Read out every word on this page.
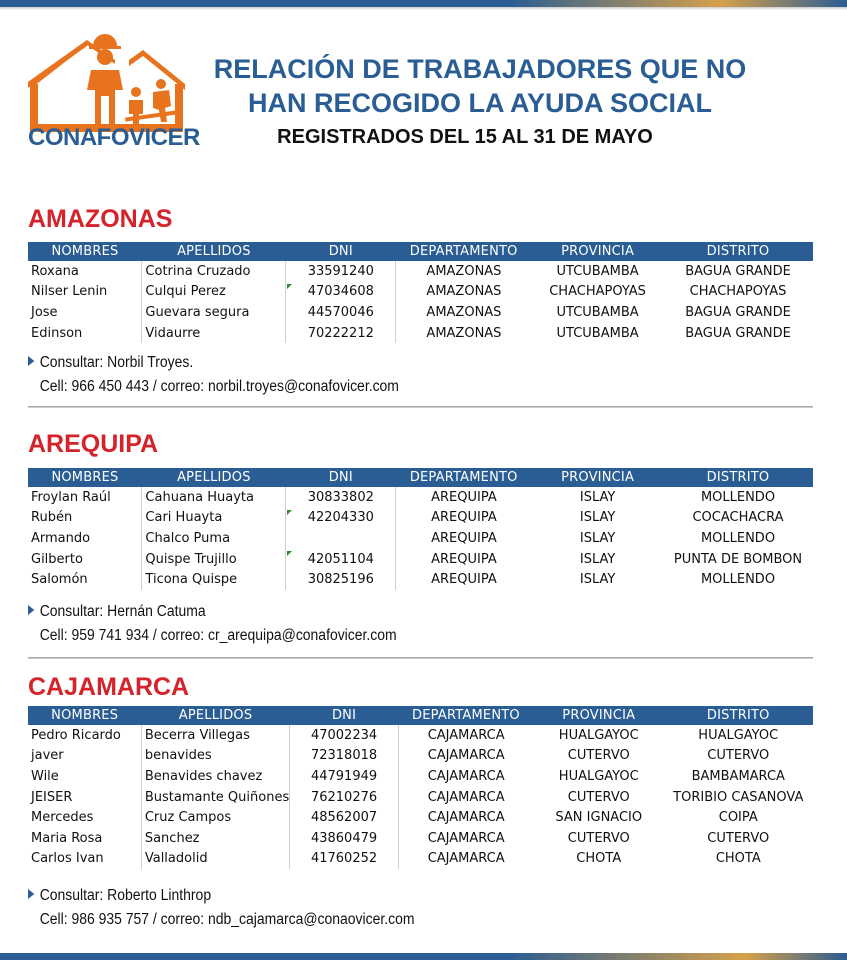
CONAFOVICER
RELACIÓN DE TRABAJADORES QUE NO HAN RECOGIDO LA AYUDA SOCIAL
REGISTRADOS DEL 15 AL 31 DE MAYO
AMAZONAS
NOMBRES	APELLIDOS	DNI	DEPARTAMENTO	PROVINCIA	DISTRITO
Roxana	Cotrina Cruzado	33591240	AMAZONAS	UTCUBAMBA	BAGUA GRANDE
Nilser Lenin	Culqui Perez	47034608	AMAZONAS	CHACHAPOYAS	CHACHAPOYAS
Jose	Guevara segura	44570046	AMAZONAS	UTCUBAMBA	BAGUA GRANDE
Edinson	Vidaurre	70222212	AMAZONAS	UTCUBAMBA	BAGUA GRANDE
Consultar: Norbil Troyes.
Cell: 966 450 443 / correo: norbil.troyes@conafovicer.com
AREQUIPA
NOMBRES	APELLIDOS	DNI	DEPARTAMENTO	PROVINCIA	DISTRITO
Froylan Raúl	Cahuana Huayta	30833802	AREQUIPA	ISLAY	MOLLENDO
Rubén	Cari Huayta	42204330	AREQUIPA	ISLAY	COCACHACRA
Armando	Chalco Puma		AREQUIPA	ISLAY	MOLLENDO
Gilberto	Quispe Trujillo	42051104	AREQUIPA	ISLAY	PUNTA DE BOMBON
Salomón	Ticona Quispe	30825196	AREQUIPA	ISLAY	MOLLENDO
Consultar: Hernán Catuma
Cell: 959 741 934 / correo: cr_arequipa@conafovicer.com
CAJAMARCA
NOMBRES	APELLIDOS	DNI	DEPARTAMENTO	PROVINCIA	DISTRITO
Pedro Ricardo	Becerra Villegas	47002234	CAJAMARCA	HUALGAYOC	HUALGAYOC
javer	benavides	72318018	CAJAMARCA	CUTERVO	CUTERVO
Wile	Benavides chavez	44791949	CAJAMARCA	HUALGAYOC	BAMBAMARCA
JEISER	Bustamante Quiñones	76210276	CAJAMARCA	CUTERVO	TORIBIO CASANOVA
Mercedes	Cruz Campos	48562007	CAJAMARCA	SAN IGNACIO	COIPA
Maria Rosa	Sanchez	43860479	CAJAMARCA	CUTERVO	CUTERVO
Carlos Ivan	Valladolid	41760252	CAJAMARCA	CHOTA	CHOTA
Consultar: Roberto Linthrop
Cell: 986 935 757 / correo: ndb_cajamarca@conaovicer.com
